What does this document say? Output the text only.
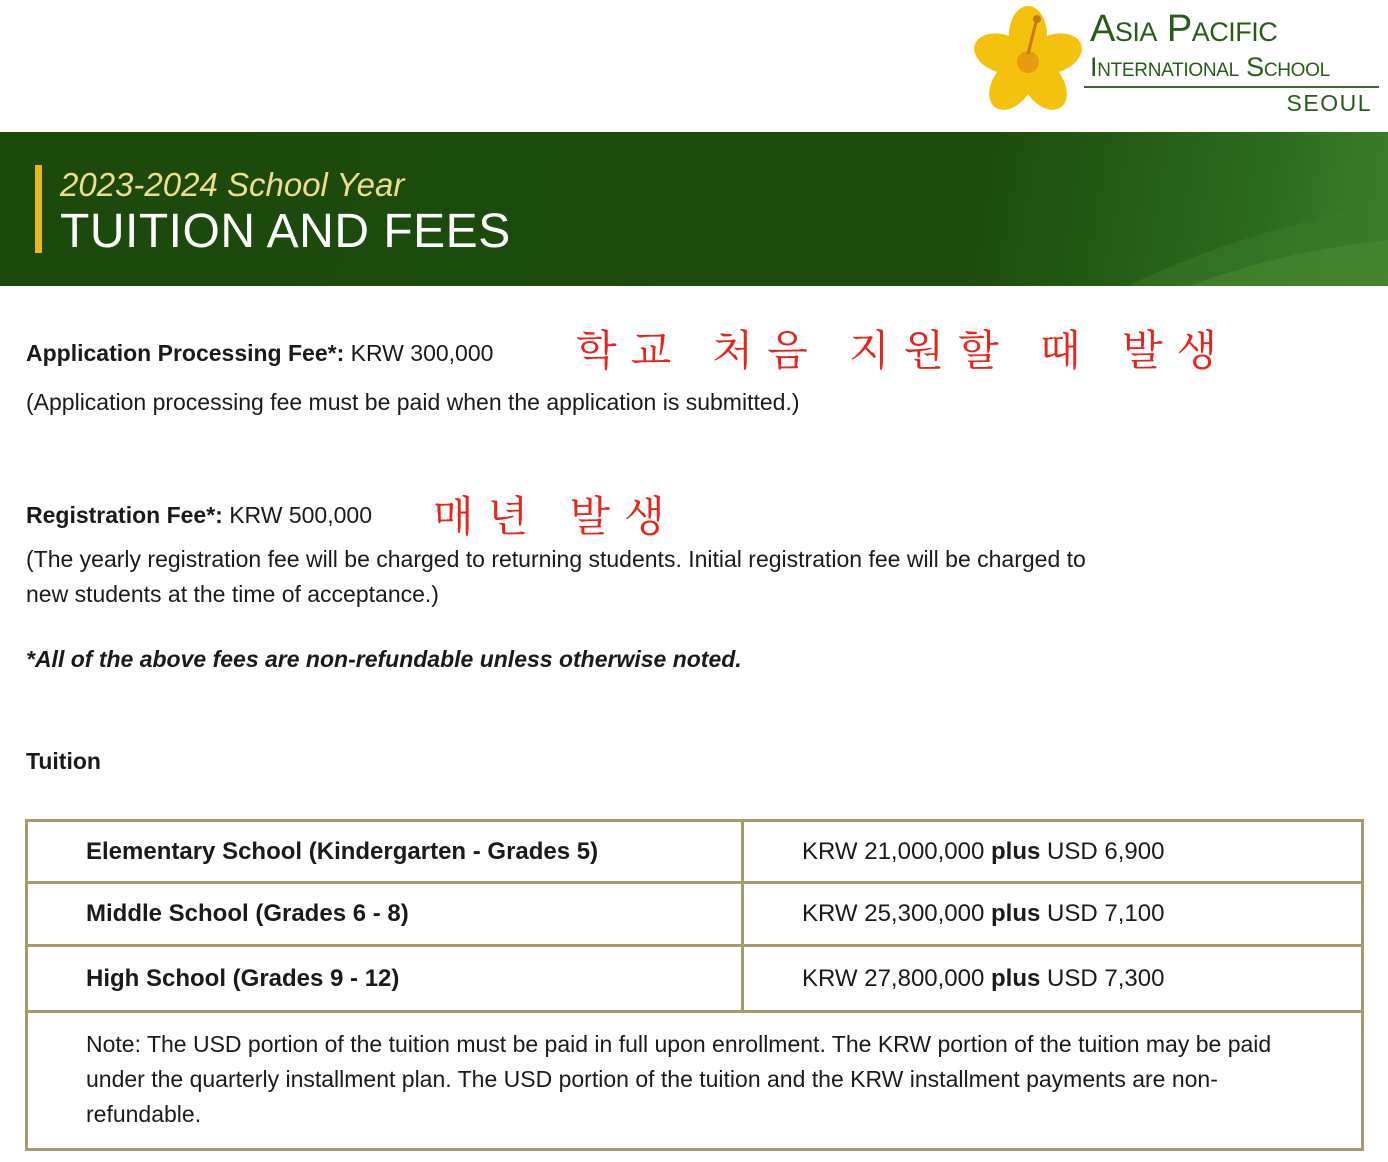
Asia Pacific
International School
SEOUL
2023-2024 School Year
TUITION AND FEES
Application Processing Fee*: KRW 300,000 학교 처음 지원할 때 발생
(Application processing fee must be paid when the application is submitted.)
Registration Fee*: KRW 500,000 매년 발생
(The yearly registration fee will be charged to returning students. Initial registration fee will be charged to
new students at the time of acceptance.)
*All of the above fees are non-refundable unless otherwise noted.
Tuition
Elementary School (Kindergarten - Grades 5)	KRW 21,000,000 plus USD 6,900
Middle School (Grades 6 - 8)	KRW 25,300,000 plus USD 7,100
High School (Grades 9 - 12)	KRW 27,800,000 plus USD 7,300
Note: The USD portion of the tuition must be paid in full upon enrollment. The KRW portion of the tuition may be paid under the quarterly installment plan. The USD portion of the tuition and the KRW installment payments are non-refundable.	
